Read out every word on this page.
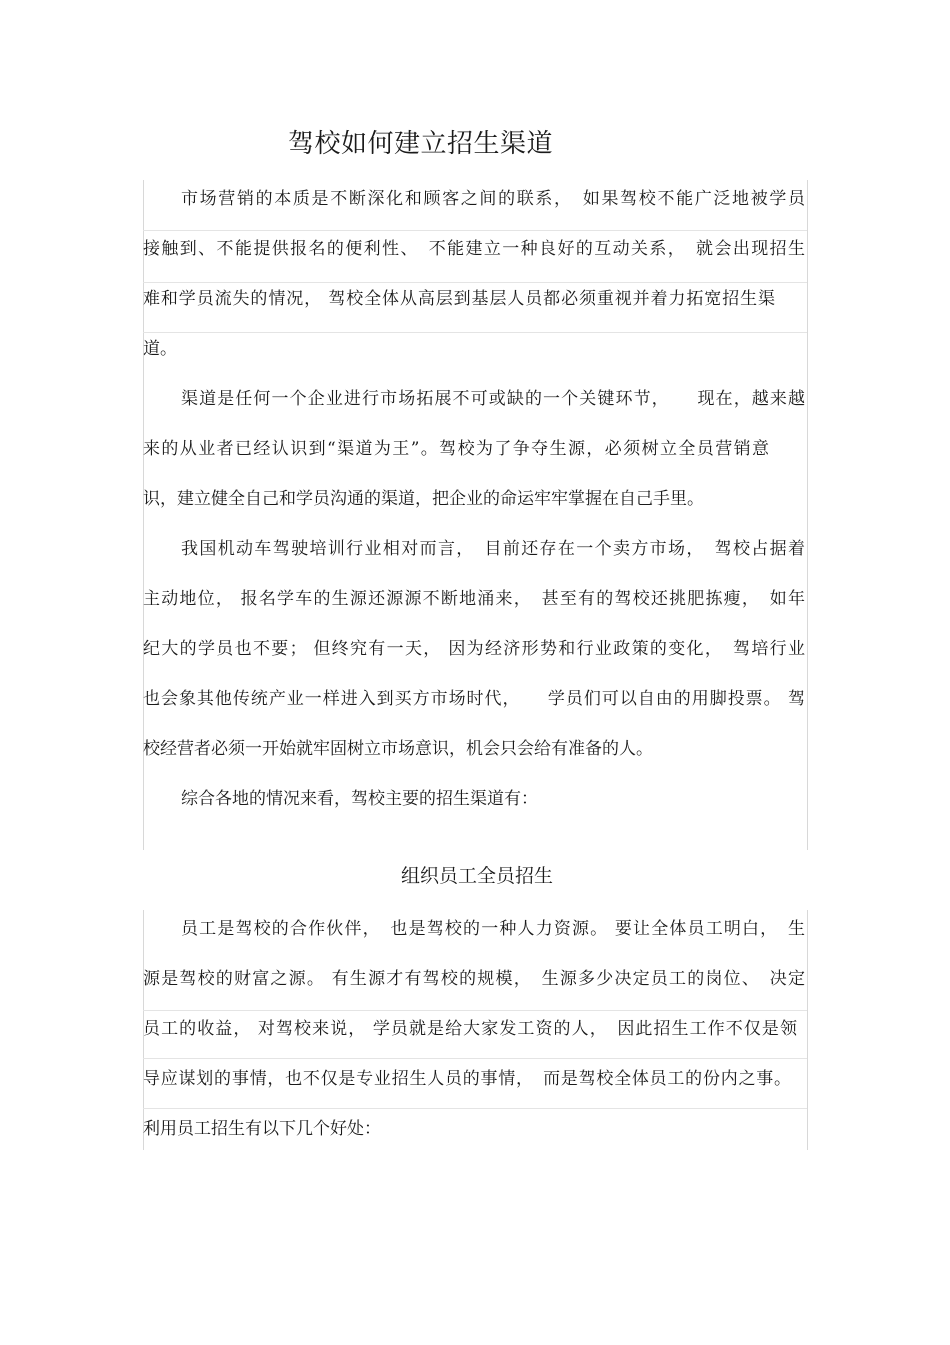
驾校如何建立招生渠道
市场营销的本质是不断深化和顾客之间的联系，　如果驾校不能广泛地被学员
接触到、不能提供报名的便利性、　不能建立一种良好的互动关系，　就会出现招生
难和学员流失的情况， 驾校全体从高层到基层人员都必须重视并着力拓宽招生渠
道。
渠道是任何一个企业进行市场拓展不可或缺的一个关键环节，　　现在，越来越
来的从业者已经认识到“渠道为王”。驾校为了争夺生源，必须树立全员营销意
识，建立健全自己和学员沟通的渠道，把企业的命运牢牢掌握在自己手里。
我国机动车驾驶培训行业相对而言，　目前还存在一个卖方市场，　驾校占据着
主动地位， 报名学车的生源还源源不断地涌来，　甚至有的驾校还挑肥拣瘦，　如年
纪大的学员也不要； 但终究有一天， 因为经济形势和行业政策的变化，　驾培行业
也会象其他传统产业一样进入到买方市场时代，　　学员们可以自由的用脚投票。 驾
校经营者必须一开始就牢固树立市场意识，机会只会给有准备的人。
综合各地的情况来看，驾校主要的招生渠道有：
组织员工全员招生
员工是驾校的合作伙伴，　也是驾校的一种人力资源。 要让全体员工明白，　生
源是驾校的财富之源。 有生源才有驾校的规模，　生源多少决定员工的岗位、　决定
员工的收益， 对驾校来说， 学员就是给大家发工资的人，　因此招生工作不仅是领
导应谋划的事情，也不仅是专业招生人员的事情，　而是驾校全体员工的份内之事。
利用员工招生有以下几个好处：
